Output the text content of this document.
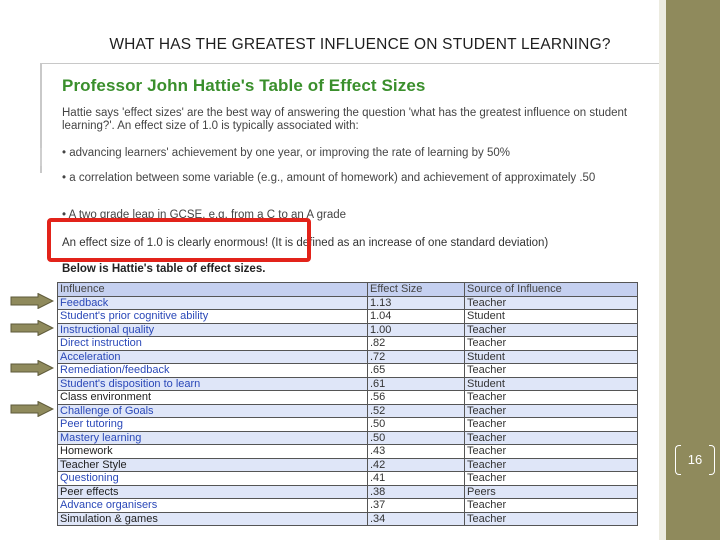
WHAT HAS THE GREATEST INFLUENCE ON STUDENT LEARNING?
Professor John Hattie's Table of Effect Sizes
Hattie says 'effect sizes' are the best way of answering the question 'what has the greatest influence on student learning?'. An effect size of 1.0 is typically associated with:
• advancing learners' achievement by one year, or improving the rate of learning by 50%
• a correlation between some variable (e.g., amount of homework) and achievement of approximately .50
• A two grade leap in GCSE, e.g. from a C to an A grade
An effect size of 1.0 is clearly enormous! (It is defined as an increase of one standard deviation)
Below is Hattie's table of effect sizes.
Influence	Effect Size	Source of Influence
Feedback	1.13	Teacher
Student's prior cognitive ability	1.04	Student
Instructional quality	1.00	Teacher
Direct instruction	.82	Teacher
Acceleration	.72	Student
Remediation/feedback	.65	Teacher
Student's disposition to learn	.61	Student
Class environment	.56	Teacher
Challenge of Goals	.52	Teacher
Peer tutoring	.50	Teacher
Mastery learning	.50	Teacher
Homework	.43	Teacher
Teacher Style	.42	Teacher
Questioning	.41	Teacher
Peer effects	.38	Peers
Advance organisers	.37	Teacher
Simulation & games	.34	Teacher
16
